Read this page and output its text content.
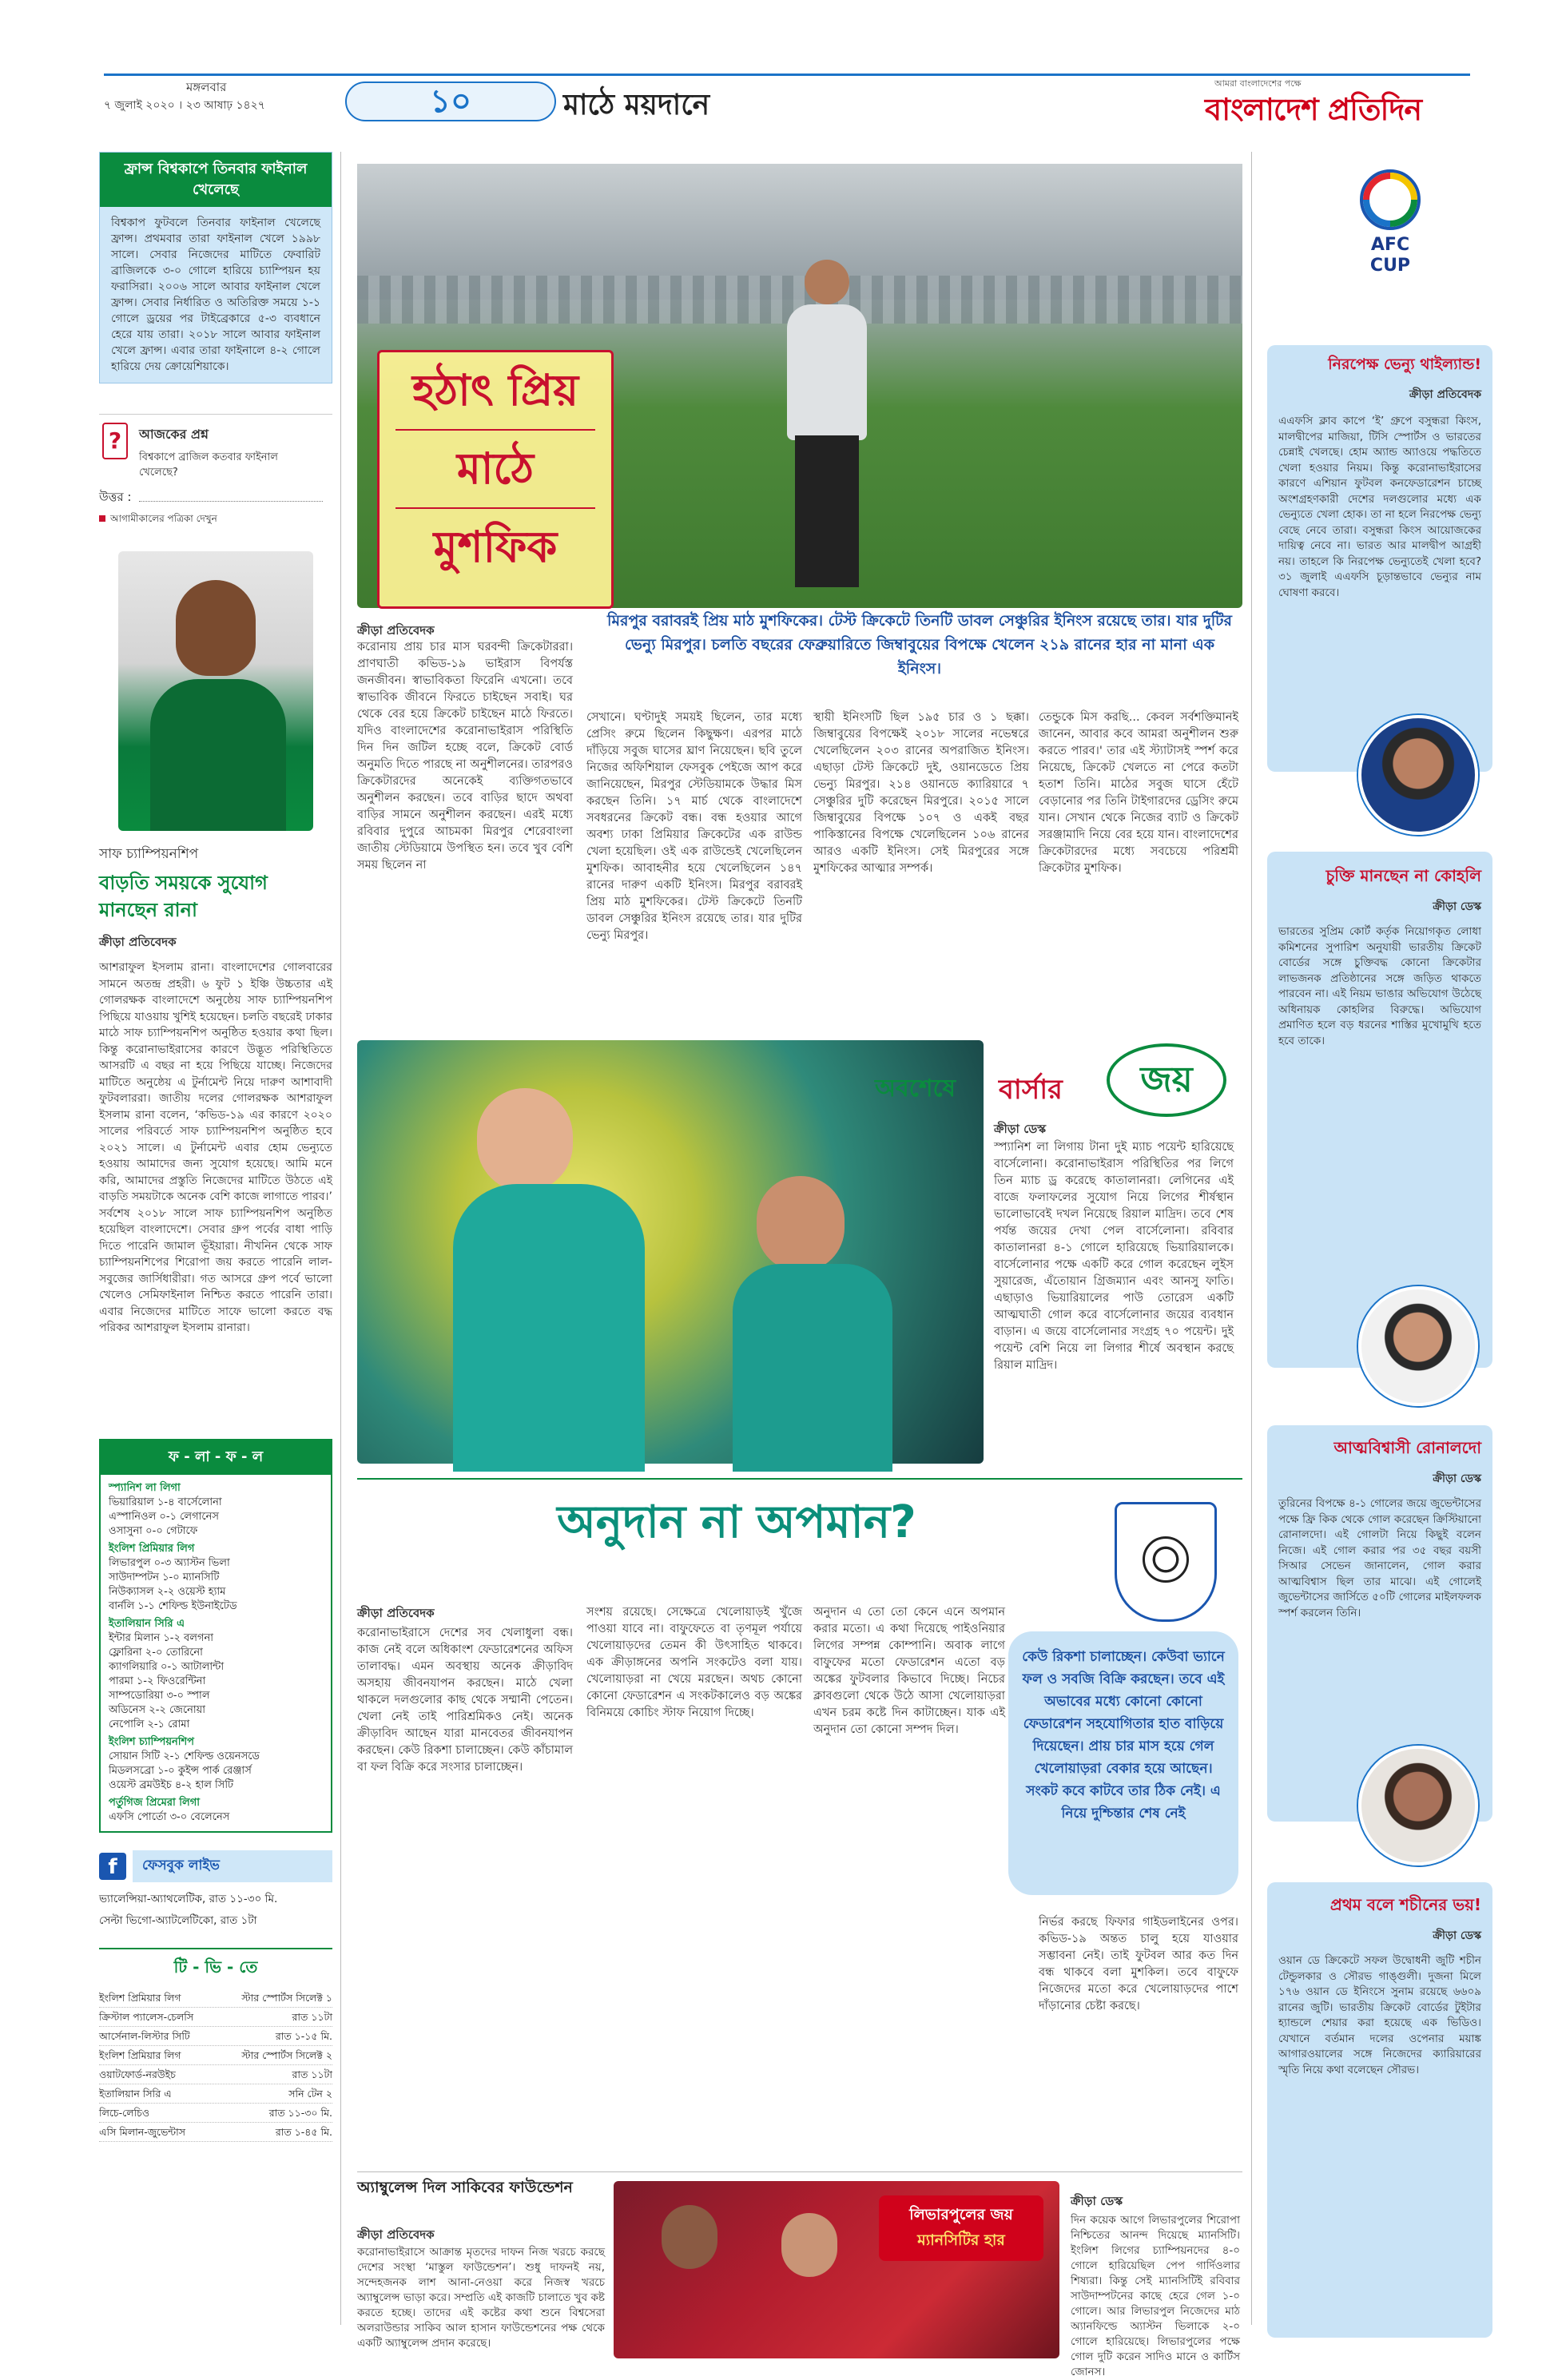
মঙ্গলবার
৭ জুলাই ২০২০ । ২৩ আষাঢ় ১৪২৭	১০	মাঠে ময়দানে
আমরা বাংলাদেশের পক্ষে
বাংলাদেশ প্রতিদিন
ফ্রান্স বিশ্বকাপে তিনবার ফাইনাল খেলেছে
বিশ্বকাপ ফুটবলে তিনবার ফাইনাল খেলেছে ফ্রান্স। প্রথমবার তারা ফাইনাল খেলে ১৯৯৮ সালে। সেবার নিজেদের মাটিতে ফেবারিট ব্রাজিলকে ৩-০ গোলে হারিয়ে চ্যাম্পিয়ন হয় ফরাসিরা। ২০০৬ সালে আবার ফাইনাল খেলে ফ্রান্স। সেবার নির্ধারিত ও অতিরিক্ত সময়ে ১-১ গোলে ড্রয়ের পর টাইব্রেকারে ৫-৩ ব্যবধানে হেরে যায় তারা। ২০১৮ সালে আবার ফাইনাল খেলে ফ্রান্স। এবার তারা ফাইনালে ৪-২ গোলে হারিয়ে দেয় ক্রোয়েশিয়াকে।
?	আজকের প্রশ্ন
বিশ্বকাপে ব্রাজিল কতবার ফাইনাল খেলেছে?
উত্তর :
আগামীকালের পত্রিকা দেখুন
সাফ চ্যাম্পিয়নশিপ
বাড়তি সময়কে সুযোগ মানছেন রানা
ক্রীড়া প্রতিবেদক
আশরাফুল ইসলাম রানা। বাংলাদেশের গোলবারের সামনে অতন্দ্র প্রহরী। ৬ ফুট ১ ইঞ্চি উচ্চতার এই গোলরক্ষক বাংলাদেশে অনুষ্ঠেয় সাফ চ্যাম্পিয়নশিপ পিছিয়ে যাওয়ায় খুশিই হয়েছেন। চলতি বছরেই ঢাকার মাঠে সাফ চ্যাম্পিয়নশিপ অনুষ্ঠিত হওয়ার কথা ছিল। কিন্তু করোনাভাইরাসের কারণে উদ্ভূত পরিস্থিতিতে আসরটি এ বছর না হয়ে পিছিয়ে যাচ্ছে। নিজেদের মাটিতে অনুষ্ঠেয় এ টুর্নামেন্ট নিয়ে দারুণ আশাবাদী ফুটবলাররা। জাতীয় দলের গোলরক্ষক আশরাফুল ইসলাম রানা বলেন, ‘কভিড-১৯ এর কারণে ২০২০ সালের পরিবর্তে সাফ চ্যাম্পিয়নশিপ অনুষ্ঠিত হবে ২০২১ সালে। এ টুর্নামেন্ট এবার হোম ভেন্যুতে হওয়ায় আমাদের জন্য সুযোগ হয়েছে। আমি মনে করি, আমাদের প্রস্তুতি নিজেদের মাটিতে উঠতে এই বাড়তি সময়টাকে অনেক বেশি কাজে লাগাতে পারব।’ সর্বশেষ ২০১৮ সালে সাফ চ্যাম্পিয়নশিপ অনুষ্ঠিত হয়েছিল বাংলাদেশে। সেবার গ্রুপ পর্বের বাধা পাড়ি দিতে পারেনি জামাল ভূঁইয়ারা। নীখনিন থেকে সাফ চ্যাম্পিয়নশিপের শিরোপা জয় করতে পারেনি লাল-সবুজের জার্সিধারীরা। গত আসরে গ্রুপ পর্বে ভালো খেলেও সেমিফাইনাল নিশ্চিত করতে পারেনি তারা। এবার নিজেদের মাটিতে সাফে ভালো করতে বদ্ধ পরিকর আশরাফুল ইসলাম রানারা।
ফ - লা - ফ - ল
স্প্যানিশ লা লিগা
ভিয়ারিয়াল ১-৪ বার্সেলোনা
এস্পানিওল ০-১ লেগানেস
ওসাসুনা ০-০ গেটাফে
ইংলিশ প্রিমিয়ার লিগ
লিভারপুল ০-৩ অ্যাস্টন ভিলা
সাউদাম্পটন ১-০ ম্যানসিটি
নিউক্যাসল ২-২ ওয়েস্ট হ্যাম
বার্নলি ১-১ শেফিল্ড ইউনাইটেড
ইতালিয়ান সিরি এ
ইন্টার মিলান ১-২ বলগনা
ফ্লোরিনা ২-০ তোরিনো
ক্যাগলিয়ারি ০-১ আটালান্টা
পারমা ১-২ ফিওরেন্টিনা
সাম্পডোরিয়া ৩-০ স্পাল
অডিনেস ২-২ জেনোয়া
নেপোলি ২-১ রোমা
ইংলিশ চ্যাম্পিয়নশিপ
সোয়ান সিটি ২-১ শেফিল্ড ওয়েনসডে
মিডলসব্রো ১-০ কুইন্স পার্ক রেঞ্জার্স
ওয়েস্ট ব্রমউইচ ৪-২ হাল সিটি
পর্তুগিজ প্রিমেরা লিগা
এফসি পোর্তো ৩-০ বেলেনেস
f	ফেসবুক লাইভ
ভ্যালেন্সিয়া-অ্যাথলেটিক, রাত ১১-৩০ মি.
সেল্টা ভিগো-অ্যাটলেটিকো, রাত ১টা
টি - ভি - তে
ইংলিশ প্রিমিয়ার লিগ	স্টার স্পোর্টস সিলেক্ট ১
ক্রিস্টাল প্যালেস-চেলসি	রাত ১১টা
আর্সেনাল-লিস্টার সিটি	রাত ১-১৫ মি.
ইংলিশ প্রিমিয়ার লিগ	স্টার স্পোর্টস সিলেক্ট ২
ওয়াটফোর্ড-নরউইচ	রাত ১১টা
ইতালিয়ান সিরি এ	সনি টেন ২
লিচে-লেচিও	রাত ১১-৩০ মি.
এসি মিলান-জুভেন্টাস	রাত ১-৪৫ মি.
হঠাৎ প্রিয়
মাঠে
মুশফিক
মিরপুর বরাবরই প্রিয় মাঠ মুশফিকের। টেস্ট ক্রিকেটে তিনটি ডাবল সেঞ্চুরির ইনিংস রয়েছে তার। যার দুটির ভেন্যু মিরপুর। চলতি বছরের ফেব্রুয়ারিতে জিম্বাবুয়ের বিপক্ষে খেলেন ২১৯ রানের হার না মানা এক ইনিংস।
ক্রীড়া প্রতিবেদক
করোনায় প্রায় চার মাস ঘরবন্দী ক্রিকেটাররা। প্রাণঘাতী কভিড-১৯ ভাইরাস বিপর্যস্ত জনজীবন। স্বাভাবিকতা ফিরেনি এখনো। তবে স্বাভাবিক জীবনে ফিরতে চাইছেন সবাই। ঘর থেকে বের হয়ে ক্রিকেট চাইছেন মাঠে ফিরতে। যদিও বাংলাদেশের করোনাভাইরাস পরিস্থিতি দিন দিন জটিল হচ্ছে বলে, ক্রিকেট বোর্ড অনুমতি দিতে পারছে না অনুশীলনের। তারপরও ক্রিকেটারদের অনেকেই ব্যক্তিগতভাবে অনুশীলন করছেন। তবে বাড়ির ছাদে অথবা বাড়ির সামনে অনুশীলন করছেন। এরই মধ্যে রবিবার দুপুরে আচমকা মিরপুর শেরেবাংলা জাতীয় স্টেডিয়ামে উপস্থিত হন। তবে খুব বেশি সময় ছিলেন না
সেখানে। ঘণ্টাদুই সময়ই ছিলেন, তার মধ্যে প্রেসিং রুমে ছিলেন কিছুক্ষণ। এরপর মাঠে দাঁড়িয়ে সবুজ ঘাসের ঘ্রাণ নিয়েছেন। ছবি তুলে নিজের অফিশিয়াল ফেসবুক পেইজে আপ করে জানিয়েছেন, মিরপুর স্টেডিয়ামকে উদ্ধার মিস করছেন তিনি। ১৭ মার্চ থেকে বাংলাদেশে সবধরনের ক্রিকেট বন্ধ। বন্ধ হওয়ার আগে অবশ্য ঢাকা প্রিমিয়ার ক্রিকেটের এক রাউন্ড খেলা হয়েছিল। ওই এক রাউন্ডেই খেলেছিলেন মুশফিক। আবাহনীর হয়ে খেলেছিলেন ১৪৭ রানের দারুণ একটি ইনিংস। মিরপুর বরাবরই প্রিয় মাঠ মুশফিকের। টেস্ট ক্রিকেটে তিনটি ডাবল সেঞ্চুরির ইনিংস রয়েছে তার। যার দুটির ভেন্যু মিরপুর।
স্থায়ী ইনিংসটি ছিল ১৯৫ চার ও ১ ছক্কা। জিম্বাবুয়ের বিপক্ষেই ২০১৮ সালের নভেম্বরে খেলেছিলেন ২০৩ রানের অপরাজিত ইনিংস। এছাড়া টেস্ট ক্রিকেটে দুই, ওয়ানডেতে প্রিয় ভেন্যু মিরপুর। ২১৪ ওয়ানডে ক্যারিয়ারে ৭ সেঞ্চুরির দুটি করেছেন মিরপুরে। ২০১৫ সালে জিম্বাবুয়ের বিপক্ষে ১০৭ ও একই বছর পাকিস্তানের বিপক্ষে খেলেছিলেন ১০৬ রানের আরও একটি ইনিংস। সেই মিরপুরের সঙ্গে মুশফিকের আত্মার সম্পর্ক।
তেন্ডুকে মিস করছি... কেবল সর্বশক্তিমানই জানেন, আবার কবে আমরা অনুশীলন শুরু করতে পারব।' তার এই স্ট্যাটাসই স্পর্শ করে নিয়েছে, ক্রিকেট খেলতে না পেরে কতটা হতাশ তিনি। মাঠের সবুজ ঘাসে হেঁটে বেড়ানোর পর তিনি টাইগারদের ড্রেসিং রুমে যান। সেখান থেকে নিজের ব্যাট ও ক্রিকেট সরঞ্জামাদি নিয়ে বের হয়ে যান। বাংলাদেশের ক্রিকেটারদের মধ্যে সবচেয়ে পরিশ্রমী ক্রিকেটার মুশফিক।
অবশেষে বার্সার	জয়
ক্রীড়া ডেস্ক
স্প্যানিশ লা লিগায় টানা দুই ম্যাচ পয়েন্ট হারিয়েছে বার্সেলোনা। করোনাভাইরাস পরিস্থিতির পর লিগে তিন ম্যাচ ড্র করেছে কাতালানরা। লেগিনের এই বাজে ফলাফলের সুযোগ নিয়ে লিগের শীর্ষস্থান ভালোভাবেই দখল নিয়েছে রিয়াল মাদ্রিদ। তবে শেষ পর্যন্ত জয়ের দেখা পেল বার্সেলোনা। রবিবার কাতালানরা ৪-১ গোলে হারিয়েছে ভিয়ারিয়ালকে। বার্সেলোনার পক্ষে একটি করে গোল করেছেন লুইস সুয়ারেজ, এঁতোয়ান গ্রিজম্যান এবং আনসু ফাতি। এছাড়াও ভিয়ারিয়ালের পাউ তোরেস একটি আত্মঘাতী গোল করে বার্সেলোনার জয়ের ব্যবধান বাড়ান। এ জয়ে বার্সেলোনার সংগ্রহ ৭০ পয়েন্ট। দুই পয়েন্ট বেশি নিয়ে লা লিগার শীর্ষে অবস্থান করছে রিয়াল মাদ্রিদ।
অনুদান না অপমান?
ক্রীড়া প্রতিবেদক
করোনাভাইরাসে দেশের সব খেলাধুলা বন্ধ। কাজ নেই বলে অধিকাংশ ফেডারেশনের অফিস তালাবদ্ধ। এমন অবস্থায় অনেক ক্রীড়াবিদ অসহায় জীবনযাপন করছেন। মাঠে খেলা থাকলে দলগুলোর কাছ থেকে সম্মানী পেতেন। খেলা নেই তাই পারিশ্রমিকও নেই। অনেক ক্রীড়াবিদ আছেন যারা মানবেতর জীবনযাপন করছেন। কেউ রিকশা চালাচ্ছেন। কেউ কাঁচামাল বা ফল বিক্রি করে সংসার চালাচ্ছেন।
সংশয় রয়েছে। সেক্ষেত্রে খেলোয়াড়ই খুঁজে পাওয়া যাবে না। বাফুফেতে বা তৃণমূল পর্যায়ে খেলোয়াড়দের তেমন কী উৎসাহিত থাকবে। এক ক্রীড়াঙ্গনের অপনি সংকটেও বলা যায়। খেলোয়াড়রা না খেয়ে মরছেন। অথচ কোনো কোনো ফেডারেশন এ সংকটকালেও বড় অঙ্কের বিনিময়ে কোচিং স্টাফ নিয়োগ দিচ্ছে।
অনুদান এ তো তো কেনে এনে অপমান করার মতো। এ কথা দিয়েছে পাইওনিয়ার লিগের সম্পন্ন কোম্পানি। অবাক লাগে বাফুফের মতো ফেডারেশন এতো বড় অঙ্কের ফুটবলার কিভাবে দিচ্ছে। নিচের ক্লাবগুলো থেকে উঠে আসা খেলোয়াড়রা এখন চরম কষ্টে দিন কাটাচ্ছেন। যাক এই অনুদান তো কোনো সম্পদ দিল।
কেউ রিকশা চালাচ্ছেন। কেউবা ভ্যানে ফল ও সবজি বিক্রি করছেন। তবে এই অভাবের মধ্যে কোনো কোনো ফেডারেশন সহযোগিতার হাত বাড়িয়ে দিয়েছেন। প্রায় চার মাস হয়ে গেল খেলোয়াড়রা বেকার হয়ে আছেন। সংকট কবে কাটবে তার ঠিক নেই। এ নিয়ে দুশ্চিন্তার শেষ নেই
নির্ভর করছে ফিফার গাইডলাইনের ওপর। কভিড-১৯ অন্তত চালু হয়ে যাওয়ার সম্ভাবনা নেই। তাই ফুটবল আর কত দিন বন্ধ থাকবে বলা মুশকিল। তবে বাফুফে নিজেদের মতো করে খেলোয়াড়দের পাশে দাঁড়ানোর চেষ্টা করছে।
অ্যাম্বুলেন্স দিল সাকিবের ফাউন্ডেশন
ক্রীড়া প্রতিবেদক
করোনাভাইরাসে আক্রান্ত মৃতদের দাফন নিজ খরচে করছে দেশের সংস্থা ‘মাস্তুল ফাউন্ডেশন’। শুধু দাফনই নয়, সন্দেহজনক লাশ আনা-নেওয়া করে নিজস্ব খরচে অ্যাম্বুলেন্স ভাড়া করে। সম্প্রতি এই কাজটি চালাতে খুব কষ্ট করতে হচ্ছে। তাদের এই কষ্টের কথা শুনে বিশ্বসেরা অলরাউন্ডার সাকিব আল হাসান ফাউন্ডেশনের পক্ষ থেকে একটি অ্যাম্বুলেন্স প্রদান করেছে।
লিভারপুলের জয়
ম্যানসিটির হার
ক্রীড়া ডেস্ক
দিন কয়েক আগে লিভারপুলের শিরোপা নিশ্চিতের আনন্দ দিয়েছে ম্যানসিটি। ইংলিশ লিগের চ্যাম্পিয়নদের ৪-০ গোলে হারিয়েছিল পেপ গার্দিওলার শিষ্যরা। কিন্তু সেই ম্যানসিটিই রবিবার সাউদাম্পটনের কাছে হেরে গেল ১-০ গোলে। আর লিভারপুল নিজেদের মাঠ অ্যানফিল্ডে অ্যাস্টন ভিলাকে ২-০ গোলে হারিয়েছে। লিভারপুলের পক্ষে গোল দুটি করেন সাদিও মানে ও কার্টিস জোনস।
AFC CUP
নিরপেক্ষ ভেন্যু থাইল্যান্ড!
ক্রীড়া প্রতিবেদক
এএফসি ক্লাব কাপে ‘ই’ গ্রুপে বসুন্ধরা কিংস, মালদ্বীপের মাজিয়া, টিসি স্পোর্টস ও ভারতের চেন্নাই খেলছে। হোম অ্যান্ড অ্যাওয়ে পদ্ধতিতে খেলা হওয়ার নিয়ম। কিন্তু করোনাভাইরাসের কারণে এশিয়ান ফুটবল কনফেডারেশন চাচ্ছে অংশগ্রহণকারী দেশের দলগুলোর মধ্যে এক ভেন্যুতে খেলা হোক। তা না হলে নিরপেক্ষ ভেন্যু বেছে নেবে তারা। বসুন্ধরা কিংস আয়োজকের দায়িত্ব নেবে না। ভারত আর মালদ্বীপ আগ্রহী নয়। তাহলে কি নিরপেক্ষ ভেন্যুতেই খেলা হবে? ৩১ জুলাই এএফসি চূড়ান্তভাবে ভেন্যুর নাম ঘোষণা করবে।
চুক্তি মানছেন না কোহলি
ক্রীড়া ডেস্ক
ভারতের সুপ্রিম কোর্ট কর্তৃক নিয়োগকৃত লোধা কমিশনের সুপারিশ অনুযায়ী ভারতীয় ক্রিকেট বোর্ডের সঙ্গে চুক্তিবদ্ধ কোনো ক্রিকেটার লাভজনক প্রতিষ্ঠানের সঙ্গে জড়িত থাকতে পারবেন না। এই নিয়ম ভাঙার অভিযোগ উঠেছে অধিনায়ক কোহলির বিরুদ্ধে। অভিযোগ প্রমাণিত হলে বড় ধরনের শাস্তির মুখোমুখি হতে হবে তাকে।
আত্মবিশ্বাসী রোনালদো
ক্রীড়া ডেস্ক
তুরিনের বিপক্ষে ৪-১ গোলের জয়ে জুভেন্টাসের পক্ষে ফ্রি কিক থেকে গোল করেছেন ক্রিস্টিয়ানো রোনালদো। এই গোলটা নিয়ে কিছুই বলেন নিজে। এই গোল করার পর ৩৫ বছর বয়সী সিআর সেভেন জানালেন, গোল করার আত্মবিশ্বাস ছিল তার মাঝে। এই গোলেই জুভেন্টাসের জার্সিতে ৫০টি গোলের মাইলফলক স্পর্শ করলেন তিনি।
প্রথম বলে শচীনের ভয়!
ক্রীড়া ডেস্ক
ওয়ান ডে ক্রিকেটে সফল উদ্বোধনী জুটি শচীন টেন্ডুলকার ও সৌরভ গাঙ্গুলী। দুজনা মিলে ১৭৬ ওয়ান ডে ইনিংসে সুনাম রয়েছে ৬৬০৯ রানের জুটি। ভারতীয় ক্রিকেট বোর্ডের টুইটার হ্যান্ডলে শেয়ার করা হয়েছে এক ভিডিও। যেখানে বর্তমান দলের ওপেনার ময়াঙ্ক আগারওয়ালের সঙ্গে নিজেদের ক্যারিয়ারের স্মৃতি নিয়ে কথা বলেছেন সৌরভ।
